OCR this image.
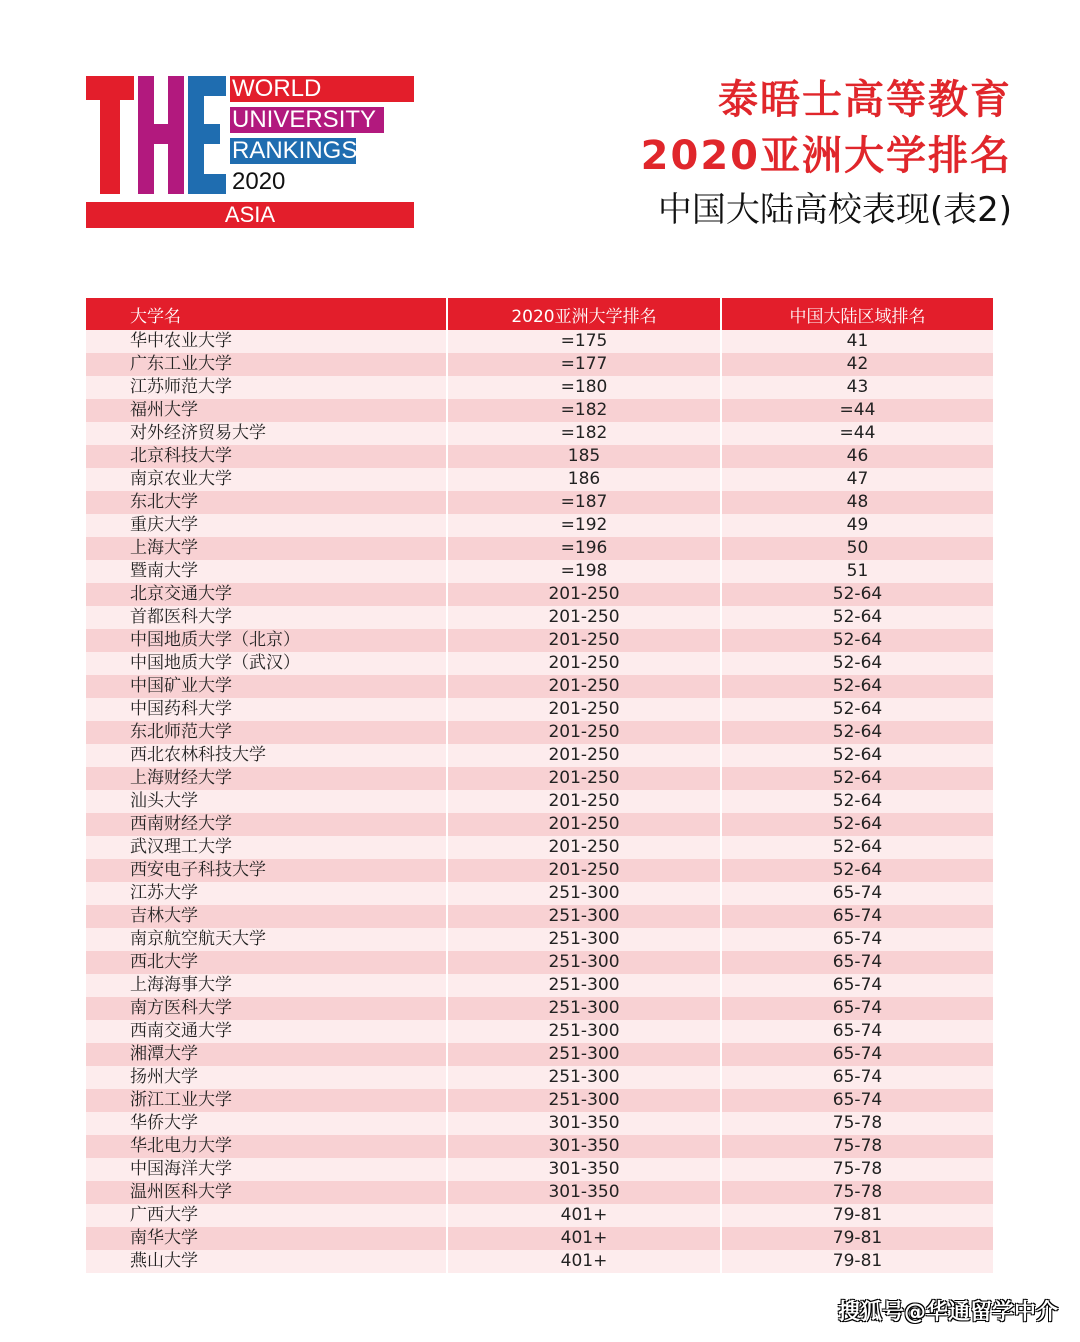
WORLD
UNIVERSITY
RANKINGS
2020
ASIA
泰晤士高等教育
2020亚洲大学排名
中国大陆高校表现(表2)
大学名	2020亚洲大学排名	中国大陆区域排名
华中农业大学	=175	41
广东工业大学	=177	42
江苏师范大学	=180	43
福州大学	=182	=44
对外经济贸易大学	=182	=44
北京科技大学	185	46
南京农业大学	186	47
东北大学	=187	48
重庆大学	=192	49
上海大学	=196	50
暨南大学	=198	51
北京交通大学	201-250	52-64
首都医科大学	201-250	52-64
中国地质大学（北京）	201-250	52-64
中国地质大学（武汉）	201-250	52-64
中国矿业大学	201-250	52-64
中国药科大学	201-250	52-64
东北师范大学	201-250	52-64
西北农林科技大学	201-250	52-64
上海财经大学	201-250	52-64
汕头大学	201-250	52-64
西南财经大学	201-250	52-64
武汉理工大学	201-250	52-64
西安电子科技大学	201-250	52-64
江苏大学	251-300	65-74
吉林大学	251-300	65-74
南京航空航天大学	251-300	65-74
西北大学	251-300	65-74
上海海事大学	251-300	65-74
南方医科大学	251-300	65-74
西南交通大学	251-300	65-74
湘潭大学	251-300	65-74
扬州大学	251-300	65-74
浙江工业大学	251-300	65-74
华侨大学	301-350	75-78
华北电力大学	301-350	75-78
中国海洋大学	301-350	75-78
温州医科大学	301-350	75-78
广西大学	401+	79-81
南华大学	401+	79-81
燕山大学	401+	79-81
搜狐号@华通留学中介
